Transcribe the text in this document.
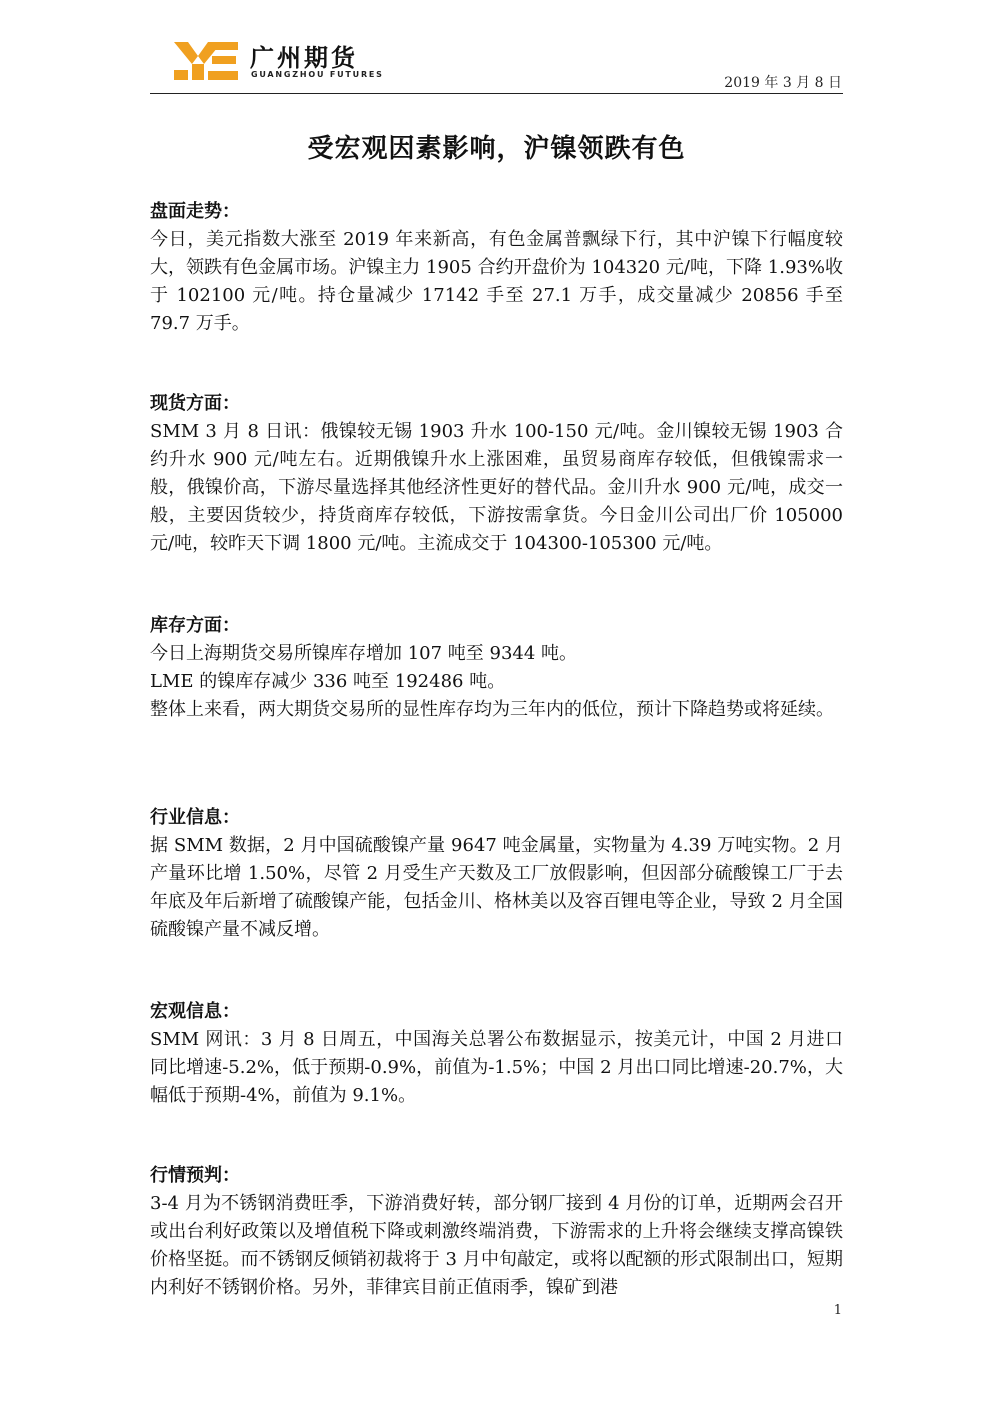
广州期货
GUANGZHOU FUTURES
2019 年 3 月 8 日
受宏观因素影响，沪镍领跌有色
盘面走势：

今日，美元指数大涨至 2019 年来新高，有色金属普飘绿下行，其中沪镍下行幅度较大，领跌有色金属市场。沪镍主力 1905 合约开盘价为 104320 元/吨，下降 1.93%收于 102100 元/吨。持仓量减少 17142 手至 27.1 万手，成交量减少 20856 手至 79.7 万手。

现货方面：

SMM 3 月 8 日讯：俄镍较无锡 1903 升水 100-150 元/吨。金川镍较无锡 1903 合约升水 900 元/吨左右。近期俄镍升水上涨困难，虽贸易商库存较低，但俄镍需求一般，俄镍价高，下游尽量选择其他经济性更好的替代品。金川升水 900 元/吨，成交一般，主要因货较少，持货商库存较低，下游按需拿货。今日金川公司出厂价 105000 元/吨，较昨天下调 1800 元/吨。主流成交于 104300-105300 元/吨。

库存方面：

今日上海期货交易所镍库存增加 107 吨至 9344 吨。

LME 的镍库存减少 336 吨至 192486 吨。

整体上来看，两大期货交易所的显性库存均为三年内的低位，预计下降趋势或将延续。

行业信息：

据 SMM 数据，2 月中国硫酸镍产量 9647 吨金属量，实物量为 4.39 万吨实物。2 月产量环比增 1.50%，尽管 2 月受生产天数及工厂放假影响，但因部分硫酸镍工厂于去年底及年后新增了硫酸镍产能，包括金川、格林美以及容百锂电等企业，导致 2 月全国硫酸镍产量不减反增。

宏观信息：

SMM 网讯：3 月 8 日周五，中国海关总署公布数据显示，按美元计，中国 2 月进口同比增速-5.2%，低于预期-0.9%，前值为-1.5%；中国 2 月出口同比增速-20.7%，大幅低于预期-4%，前值为 9.1%。

行情预判：

3-4 月为不锈钢消费旺季，下游消费好转，部分钢厂接到 4 月份的订单，近期两会召开或出台利好政策以及增值税下降或刺激终端消费，下游需求的上升将会继续支撑高镍铁价格坚挺。而不锈钢反倾销初裁将于 3 月中旬敲定，或将以配额的形式限制出口，短期内利好不锈钢价格。另外，菲律宾目前正值雨季，镍矿到港

1
